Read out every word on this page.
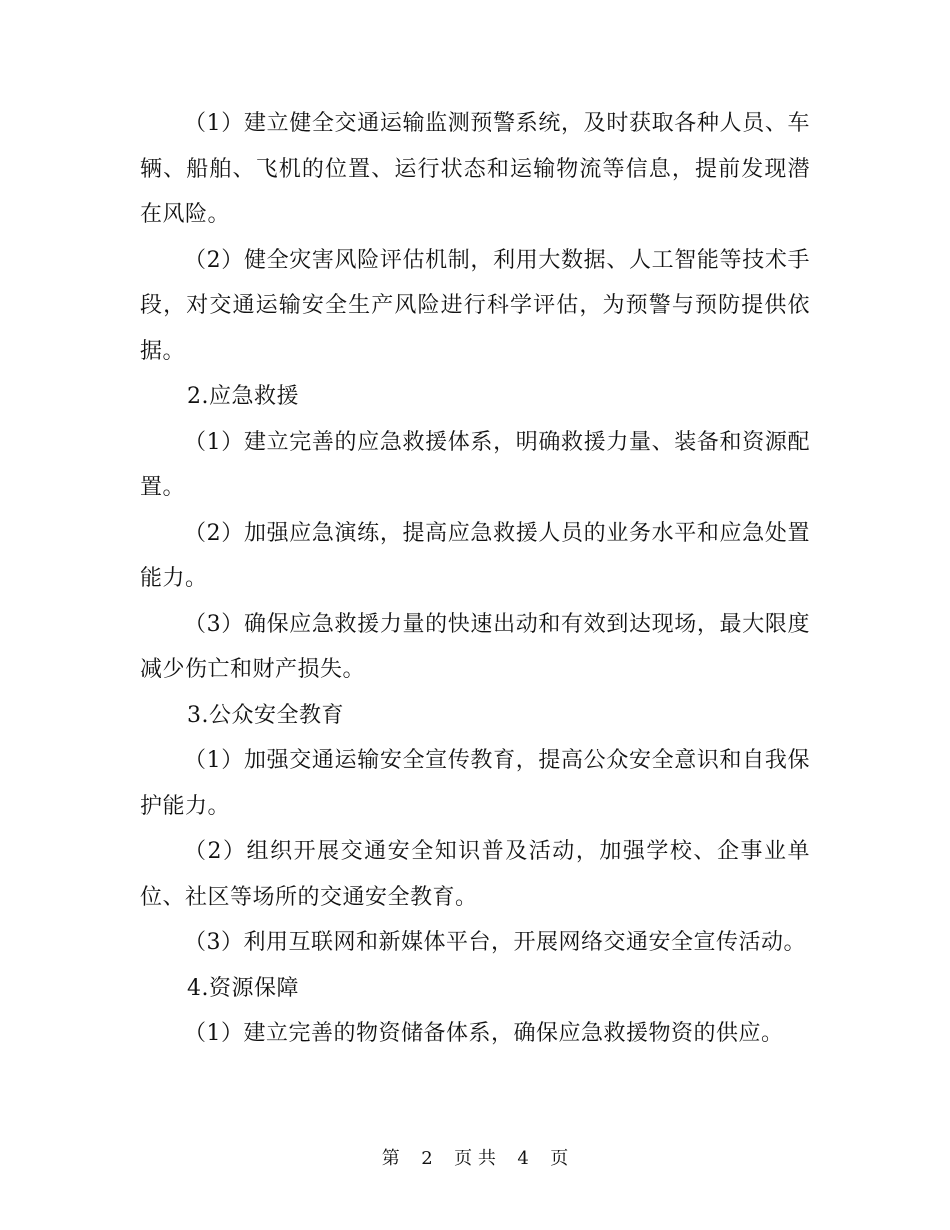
（1）建立健全交通运输监测预警系统，及时获取各种人员、车辆、船舶、飞机的位置、运行状态和运输物流等信息，提前发现潜在风险。

（2）健全灾害风险评估机制，利用大数据、人工智能等技术手段，对交通运输安全生产风险进行科学评估，为预警与预防提供依据。

2.应急救援

（1）建立完善的应急救援体系，明确救援力量、装备和资源配置。

（2）加强应急演练，提高应急救援人员的业务水平和应急处置能力。

（3）确保应急救援力量的快速出动和有效到达现场，最大限度减少伤亡和财产损失。

3.公众安全教育

（1）加强交通运输安全宣传教育，提高公众安全意识和自我保护能力。

（2）组织开展交通安全知识普及活动，加强学校、企事业单位、社区等场所的交通安全教育。

（3）利用互联网和新媒体平台，开展网络交通安全宣传活动。

4.资源保障

（1）建立完善的物资储备体系，确保应急救援物资的供应。

第 2 页 共 4 页
